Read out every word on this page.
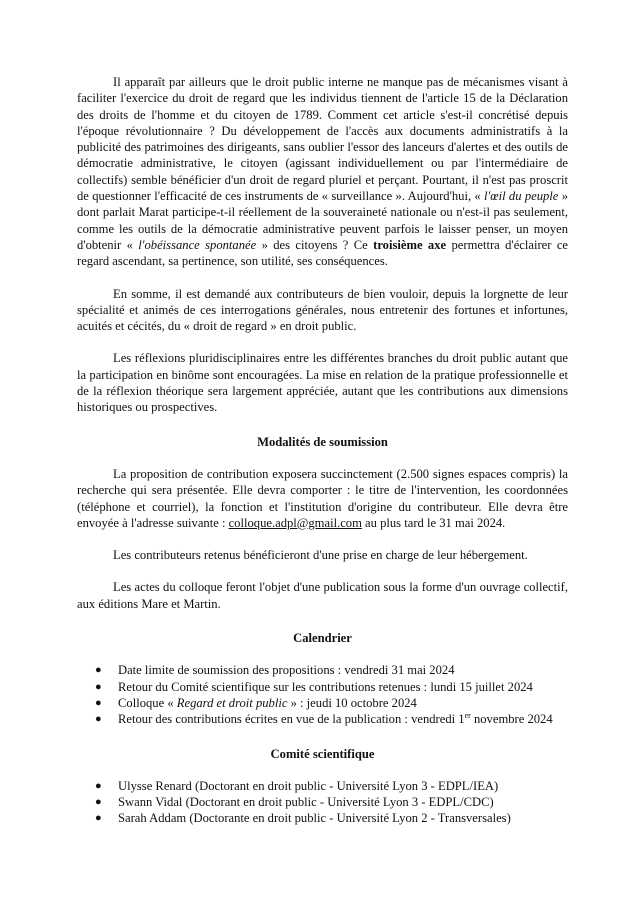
Il apparaît par ailleurs que le droit public interne ne manque pas de mécanismes visant à faciliter l'exercice du droit de regard que les individus tiennent de l'article 15 de la Déclaration des droits de l'homme et du citoyen de 1789. Comment cet article s'est-il concrétisé depuis l'époque révolutionnaire ? Du développement de l'accès aux documents administratifs à la publicité des patrimoines des dirigeants, sans oublier l'essor des lanceurs d'alertes et des outils de démocratie administrative, le citoyen (agissant individuellement ou par l'intermédiaire de collectifs) semble bénéficier d'un droit de regard pluriel et perçant. Pourtant, il n'est pas proscrit de questionner l'efficacité de ces instruments de « surveillance ». Aujourd'hui, « l'œil du peuple » dont parlait Marat participe-t-il réellement de la souveraineté nationale ou n'est-il pas seulement, comme les outils de la démocratie administrative peuvent parfois le laisser penser, un moyen d'obtenir « l'obéissance spontanée » des citoyens ? Ce troisième axe permettra d'éclairer ce regard ascendant, sa pertinence, son utilité, ses conséquences.

En somme, il est demandé aux contributeurs de bien vouloir, depuis la lorgnette de leur spécialité et animés de ces interrogations générales, nous entretenir des fortunes et infortunes, acuités et cécités, du « droit de regard » en droit public.

Les réflexions pluridisciplinaires entre les différentes branches du droit public autant que la participation en binôme sont encouragées. La mise en relation de la pratique professionnelle et de la réflexion théorique sera largement appréciée, autant que les contributions aux dimensions historiques ou prospectives.

Modalités de soumission

La proposition de contribution exposera succinctement (2.500 signes espaces compris) la recherche qui sera présentée. Elle devra comporter : le titre de l'intervention, les coordonnées (téléphone et courriel), la fonction et l'institution d'origine du contributeur. Elle devra être envoyée à l'adresse suivante : colloque.adpl@gmail.com au plus tard le 31 mai 2024.

Les contributeurs retenus bénéficieront d'une prise en charge de leur hébergement.

Les actes du colloque feront l'objet d'une publication sous la forme d'un ouvrage collectif, aux éditions Mare et Martin.

Calendrier
● Date limite de soumission des propositions : vendredi 31 mai 2024
● Retour du Comité scientifique sur les contributions retenues : lundi 15 juillet 2024
● Colloque « Regard et droit public » : jeudi 10 octobre 2024
● Retour des contributions écrites en vue de la publication : vendredi 1er novembre 2024
Comité scientifique
● Ulysse Renard (Doctorant en droit public - Université Lyon 3 - EDPL/IEA)
● Swann Vidal (Doctorant en droit public - Université Lyon 3 - EDPL/CDC)
● Sarah Addam (Doctorante en droit public - Université Lyon 2 - Transversales)
